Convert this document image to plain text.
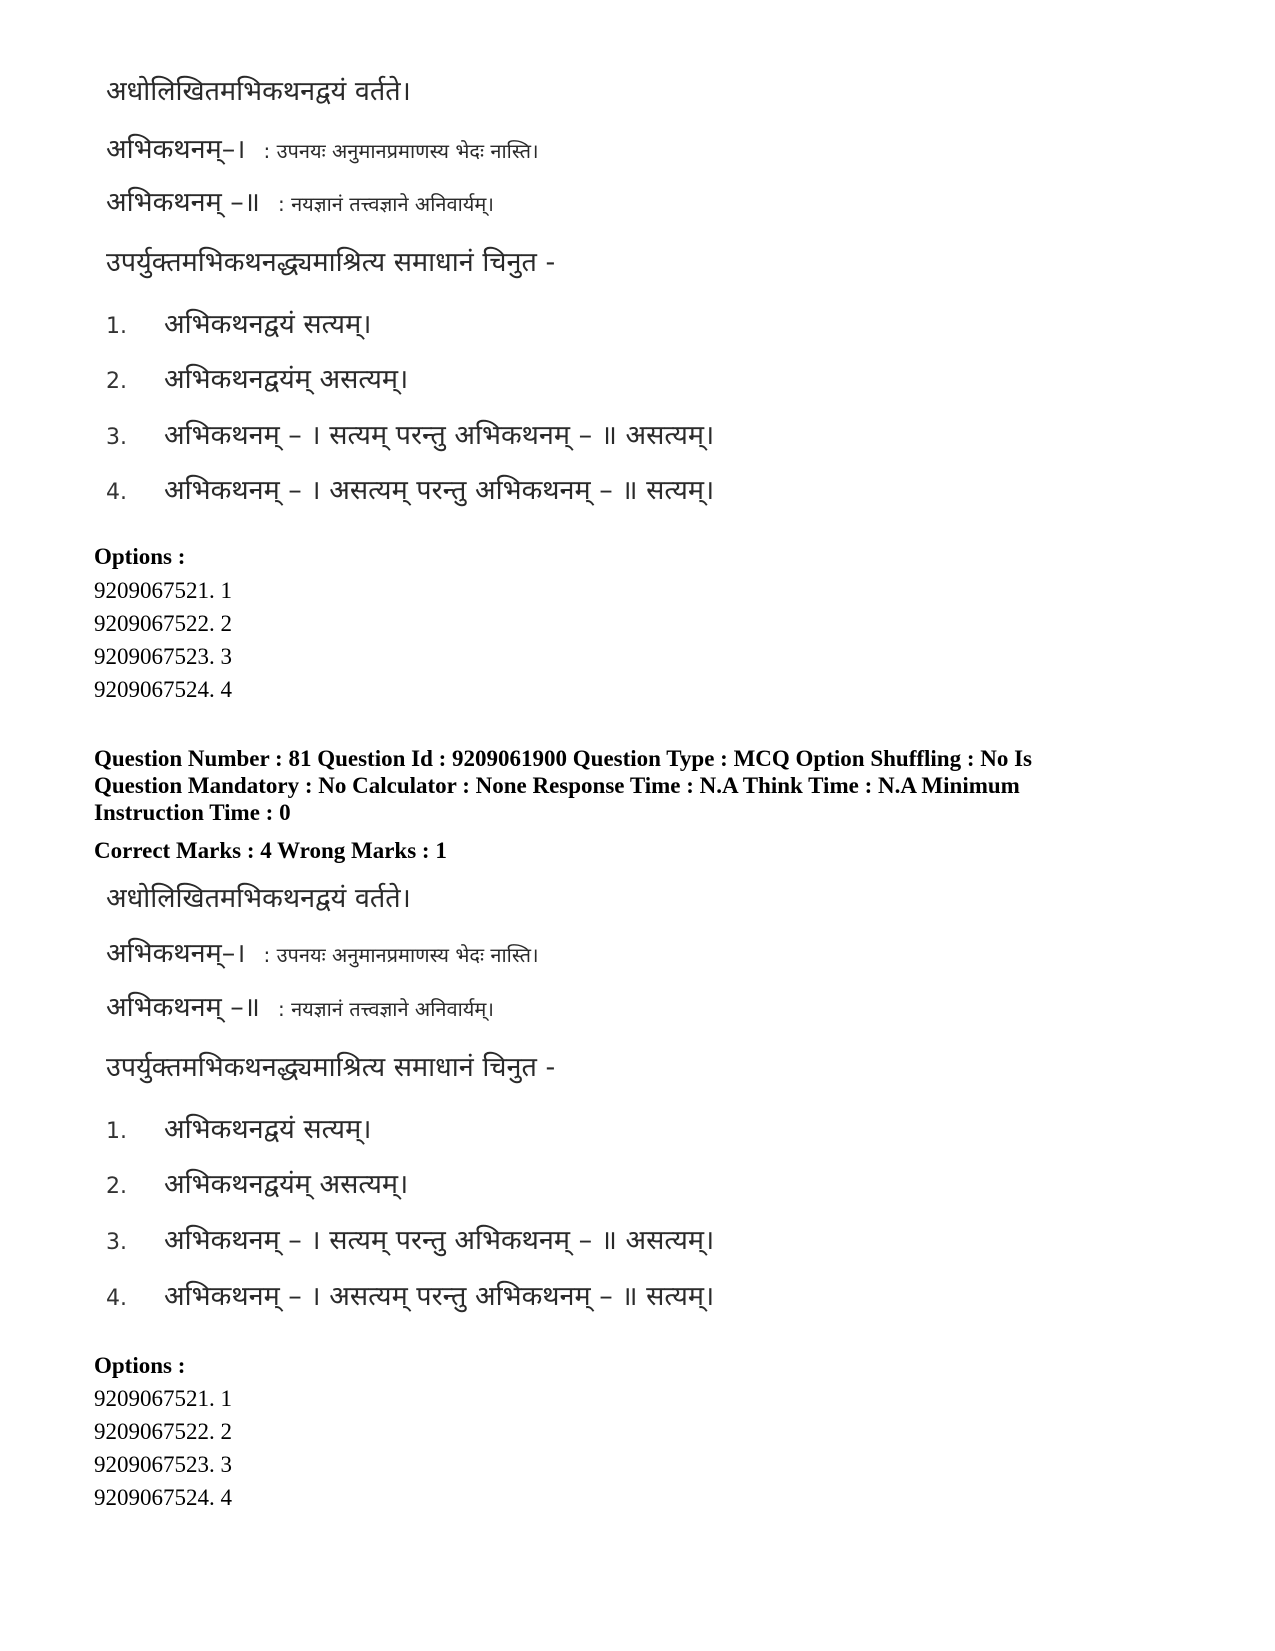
अधोलिखितमभिकथनद्वयं वर्तते।
अभिकथनम्–। : उपनयः अनुमानप्रमाणस्य भेदः नास्ति।
अभिकथनम् –॥ : नयज्ञानं तत्त्वज्ञाने अनिवार्यम्।
उपर्युक्तमभिकथनद्ध्यमाश्रित्य समाधानं चिनुत -
1. अभिकथनद्वयं सत्यम्।
2. अभिकथनद्वयंम् असत्यम्।
3. अभिकथनम् – । सत्यम् परन्तु अभिकथनम् – ॥ असत्यम्।
4. अभिकथनम् – । असत्यम् परन्तु अभिकथनम् – ॥ सत्यम्।
Options :
9209067521. 1
9209067522. 2
9209067523. 3
9209067524. 4
Question Number : 81 Question Id : 9209061900 Question Type : MCQ Option Shuffling : No Is
Question Mandatory : No Calculator : None Response Time : N.A Think Time : N.A Minimum
Instruction Time : 0
Correct Marks : 4 Wrong Marks : 1
अधोलिखितमभिकथनद्वयं वर्तते।
अभिकथनम्–। : उपनयः अनुमानप्रमाणस्य भेदः नास्ति।
अभिकथनम् –॥ : नयज्ञानं तत्त्वज्ञाने अनिवार्यम्।
उपर्युक्तमभिकथनद्ध्यमाश्रित्य समाधानं चिनुत -
1. अभिकथनद्वयं सत्यम्।
2. अभिकथनद्वयंम् असत्यम्।
3. अभिकथनम् – । सत्यम् परन्तु अभिकथनम् – ॥ असत्यम्।
4. अभिकथनम् – । असत्यम् परन्तु अभिकथनम् – ॥ सत्यम्।
Options :
9209067521. 1
9209067522. 2
9209067523. 3
9209067524. 4
